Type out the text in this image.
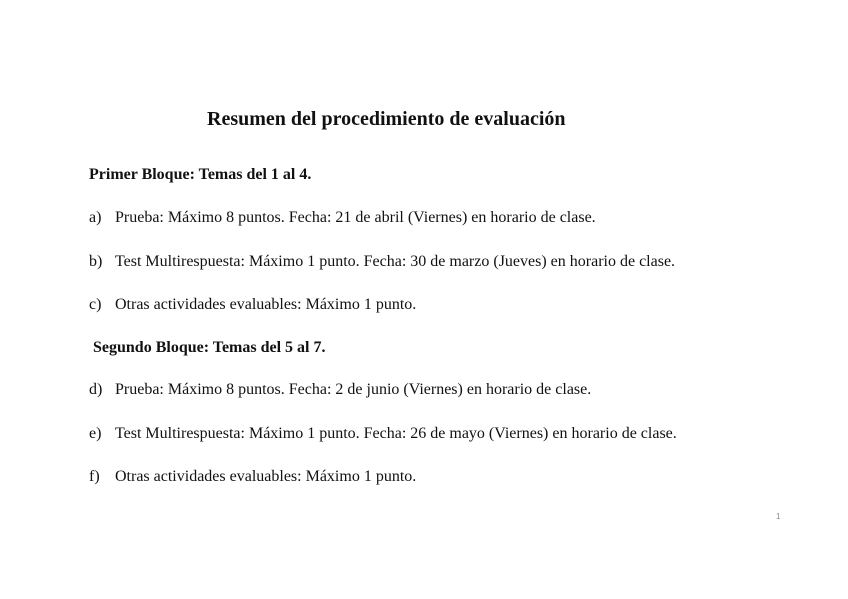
Resumen del procedimiento de evaluación
Primer Bloque: Temas del 1 al 4.
a) Prueba: Máximo 8 puntos. Fecha: 21 de abril (Viernes) en horario de clase.
b) Test Multirespuesta: Máximo 1 punto. Fecha: 30 de marzo (Jueves) en horario de clase.
c) Otras actividades evaluables: Máximo 1 punto.
Segundo Bloque: Temas del 5 al 7.
d) Prueba: Máximo 8 puntos. Fecha: 2 de junio (Viernes) en horario de clase.
e) Test Multirespuesta: Máximo 1 punto. Fecha: 26 de mayo (Viernes) en horario de clase.
f) Otras actividades evaluables: Máximo 1 punto.
1
